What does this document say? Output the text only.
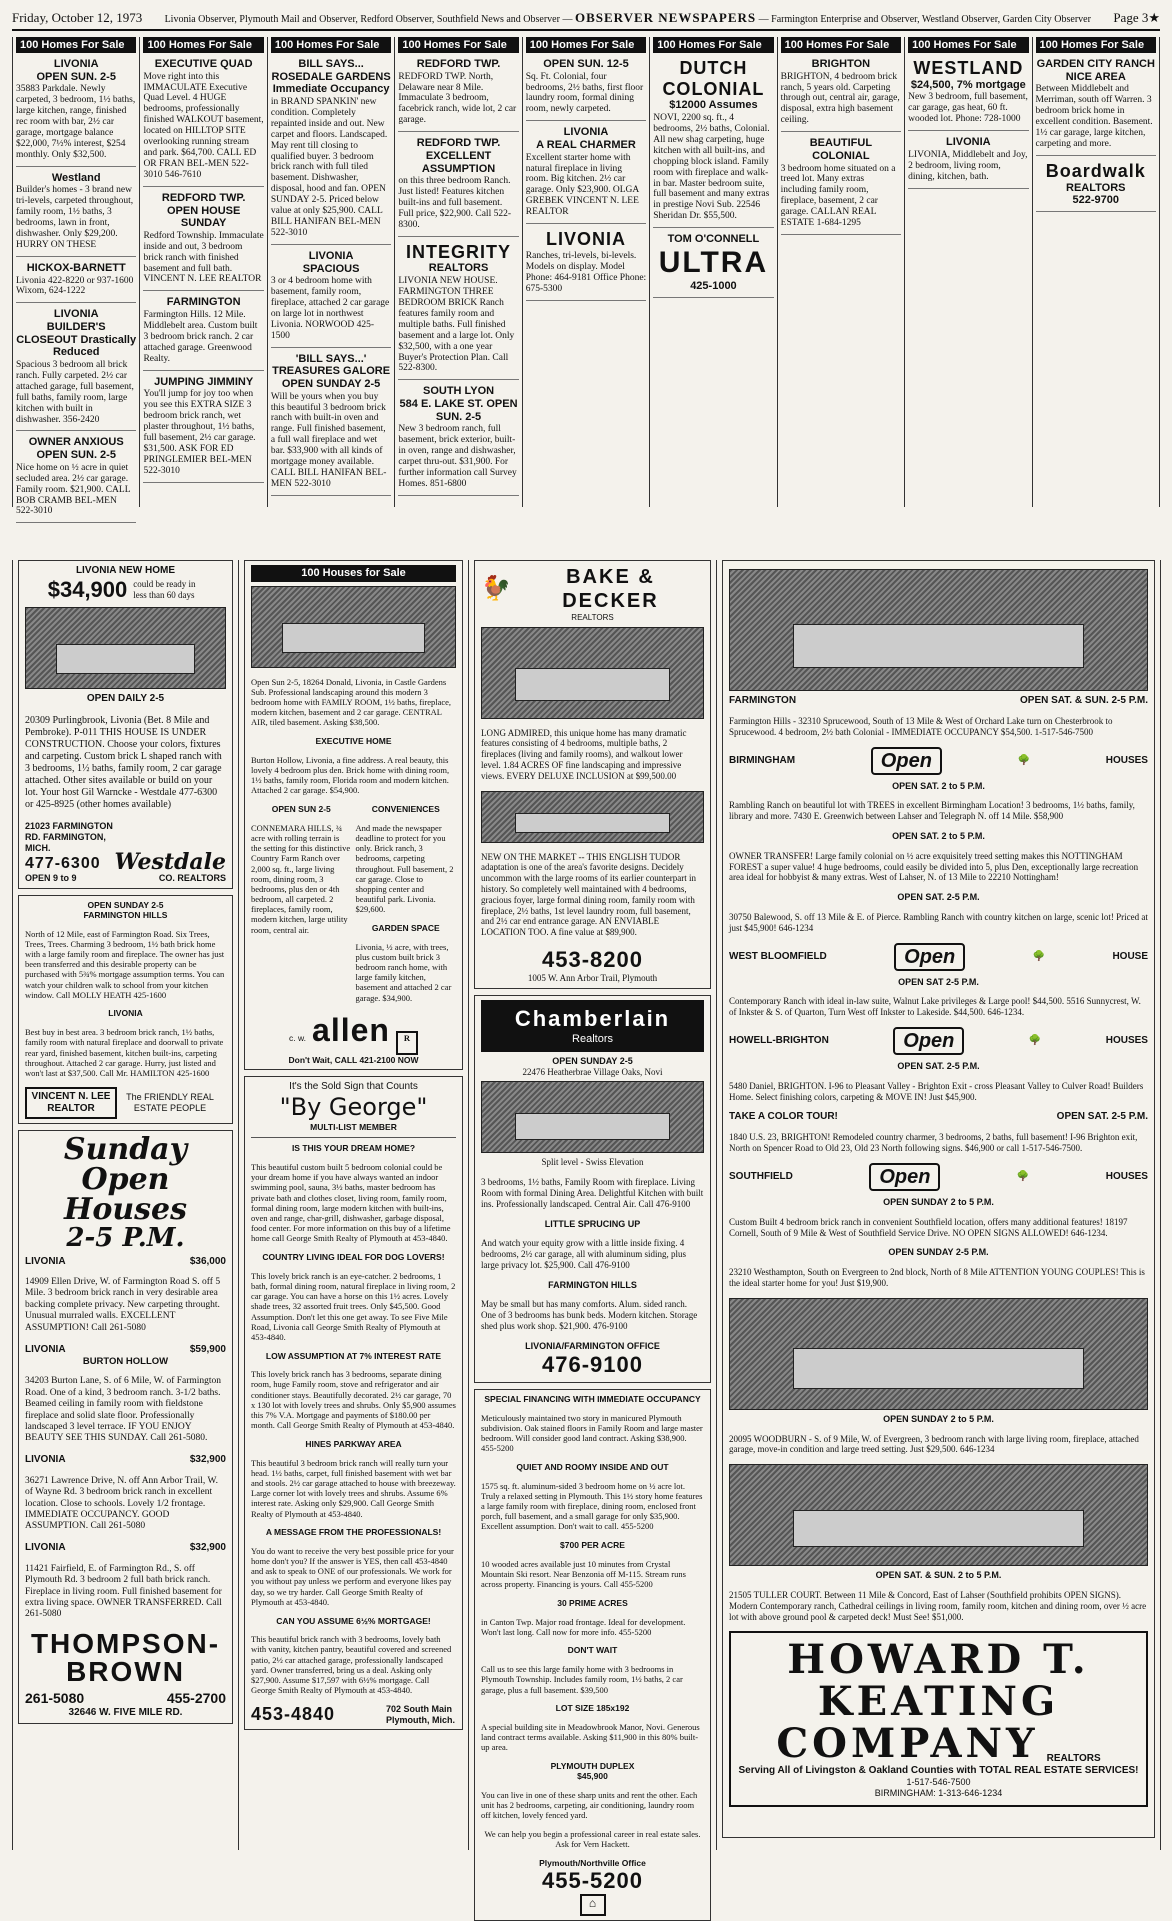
Friday, October 12, 1973 Livonia Observer, Plymouth Mail and Observer, Redford Observer, Southfield News and Observer — OBSERVER NEWSPAPERS — Farmington Enterprise and Observer, Westland Observer, Garden City Observer Page 3★
100 Homes For Sale
LIVONIA
OPEN SUN. 2-5

35883 Parkdale. Newly carpeted, 3 bedroom, 1½ baths, large kitchen, range, finished rec room with bar, 2½ car garage, mortgage balance $22,000, 7½% interest, $254 monthly. Only $32,500.

Westland

Builder's homes - 3 brand new tri-levels, carpeted throughout, family room, 1½ baths, 3 bedrooms, lawn in front, dishwasher. Only $29,200. HURRY ON THESE

HICKOX-BARNETT

Livonia 422-8220 or 937-1600 Wixom, 624-1222

LIVONIA
BUILDER'S CLOSEOUT Drastically Reduced

Spacious 3 bedroom all brick ranch. Fully carpeted. 2½ car attached garage, full basement, full baths, family room, large kitchen with built in dishwasher. 356-2420

OWNER ANXIOUS
OPEN SUN. 2-5

Nice home on ½ acre in quiet secluded area. 2½ car garage. Family room. $21,900. CALL BOB CRAMB BEL-MEN 522-3010

100 Homes For Sale
EXECUTIVE QUAD

Move right into this IMMACULATE Executive Quad Level. 4 HUGE bedrooms, professionally finished WALKOUT basement, located on HILLTOP SITE overlooking running stream and park. $64,700. CALL ED OR FRAN BEL-MEN 522-3010 546-7610

REDFORD TWP.
OPEN HOUSE SUNDAY

Redford Township. Immaculate inside and out, 3 bedroom brick ranch with finished basement and full bath. VINCENT N. LEE REALTOR

FARMINGTON

Farmington Hills. 12 Mile. Middlebelt area. Custom built 3 bedroom brick ranch. 2 car attached garage. Greenwood Realty.

JUMPING JIMMINY

You'll jump for joy too when you see this EXTRA SIZE 3 bedroom brick ranch, wet plaster throughout, 1½ baths, full basement, 2½ car garage. $31,500. ASK FOR ED PRINGLEMIER BEL-MEN 522-3010

100 Homes For Sale
BILL SAYS...
ROSEDALE GARDENS Immediate Occupancy

in BRAND SPANKIN' new condition. Completely repainted inside and out. New carpet and floors. Landscaped. May rent till closing to qualified buyer. 3 bedroom brick ranch with full tiled basement. Dishwasher, disposal, hood and fan. OPEN SUNDAY 2-5. Priced below value at only $25,900. CALL BILL HANIFAN BEL-MEN 522-3010

LIVONIA
SPACIOUS

3 or 4 bedroom home with basement, family room, fireplace, attached 2 car garage on large lot in northwest Livonia. NORWOOD 425-1500

'BILL SAYS...'
TREASURES GALORE OPEN SUNDAY 2-5

Will be yours when you buy this beautiful 3 bedroom brick ranch with built-in oven and range. Full finished basement, a full wall fireplace and wet bar. $33,900 with all kinds of mortgage money available. CALL BILL HANIFAN BEL-MEN 522-3010

100 Homes For Sale
REDFORD TWP.

REDFORD TWP. North, Delaware near 8 Mile. Immaculate 3 bedroom, facebrick ranch, wide lot, 2 car garage.

REDFORD TWP.
EXCELLENT ASSUMPTION

on this three bedroom Ranch. Just listed! Features kitchen built-ins and full basement. Full price, $22,900. Call 522-8300.

INTEGRITY
REALTORS

LIVONIA NEW HOUSE. FARMINGTON THREE BEDROOM BRICK Ranch features family room and multiple baths. Full finished basement and a large lot. Only $32,500, with a one year Buyer's Protection Plan. Call 522-8300.

SOUTH LYON
584 E. LAKE ST. OPEN SUN. 2-5

New 3 bedroom ranch, full basement, brick exterior, built-in oven, range and dishwasher, carpet thru-out. $31,900. For further information call Survey Homes. 851-6800

100 Homes For Sale
OPEN SUN. 12-5

Sq. Ft. Colonial, four bedrooms, 2½ baths, first floor laundry room, formal dining room, newly carpeted.

LIVONIA
A REAL CHARMER

Excellent starter home with natural fireplace in living room. Big kitchen. 2½ car garage. Only $23,900. OLGA GREBEK VINCENT N. LEE REALTOR

LIVONIA

Ranches, tri-levels, bi-levels. Models on display. Model Phone: 464-9181 Office Phone: 675-5300

100 Homes For Sale
DUTCH COLONIAL
$12000 Assumes

NOVI, 2200 sq. ft., 4 bedrooms, 2½ baths, Colonial. All new shag carpeting, huge kitchen with all built-ins, and chopping block island. Family room with fireplace and walk-in bar. Master bedroom suite, full basement and many extras in prestige Novi Sub. 22546 Sheridan Dr. $55,500.

TOM O'CONNELL
ULTRA
425-1000
100 Homes For Sale
BRIGHTON

BRIGHTON, 4 bedroom brick ranch, 5 years old. Carpeting through out, central air, garage, disposal, extra high basement ceiling.

BEAUTIFUL COLONIAL

3 bedroom home situated on a treed lot. Many extras including family room, fireplace, basement, 2 car garage. CALLAN REAL ESTATE 1-684-1295

100 Homes For Sale
WESTLAND
$24,500, 7% mortgage

New 3 bedroom, full basement, car garage, gas heat, 60 ft. wooded lot. Phone: 728-1000

LIVONIA

LIVONIA, Middlebelt and Joy, 2 bedroom, living room, dining, kitchen, bath.

100 Homes For Sale
GARDEN CITY RANCH
NICE AREA

Between Middlebelt and Merriman, south off Warren. 3 bedroom brick home in excellent condition. Basement. 1½ car garage, large kitchen, carpeting and more.

Boardwalk
REALTORS
522-9700
LIVONIA NEW HOME
$34,900 could be ready in less than 60 days
OPEN DAILY 2-5

20309 Purlingbrook, Livonia (Bet. 8 Mile and Pembroke). P-011 THIS HOUSE IS UNDER CONSTRUCTION. Choose your colors, fixtures and carpeting. Custom brick L shaped ranch with 3 bedrooms, 1½ baths, family room, 2 car garage attached. Other sites available or build on your lot. Your host Gil Warncke - Westdale 477-6300 or 425-8925 (other homes available)

21023 FARMINGTON RD. FARMINGTON, MICH.
477-6300
OPEN 9 to 9
Westdale
CO. REALTORS
OPEN SUNDAY 2-5
FARMINGTON HILLS

North of 12 Mile, east of Farmington Road. Six Trees, Trees, Trees. Charming 3 bedroom, 1½ bath brick home with a large family room and fireplace. The owner has just been transferred and this desirable property can be purchased with 5¾% mortgage assumption terms. You can watch your children walk to school from your kitchen window. Call MOLLY HEATH 425-1600

LIVONIA

Best buy in best area. 3 bedroom brick ranch, 1½ baths, family room with natural fireplace and doorwall to private rear yard, finished basement, kitchen built-ins, carpeting throughout. Attached 2 car garage. Hurry, just listed and won't last at $37,500. Call Mr. HAMILTON 425-1600

VINCENT N. LEE REALTOR
The FRIENDLY REAL ESTATE PEOPLE
Sunday
Open
Houses
2-5 P.M.
LIVONIA	$36,000

14909 Ellen Drive, W. of Farmington Road S. off 5 Mile. 3 bedroom brick ranch in very desirable area backing complete privacy. New carpeting throught. Unusual murraled walls. EXCELLENT ASSUMPTION! Call 261-5080

LIVONIA	$59,900
BURTON HOLLOW

34203 Burton Lane, S. of 6 Mile, W. of Farmington Road. One of a kind, 3 bedroom ranch. 3-1/2 baths. Beamed ceiling in family room with fieldstone fireplace and solid slate floor. Professionally landscaped 3 level terrace. IF YOU ENJOY BEAUTY SEE THIS SUNDAY. Call 261-5080.

LIVONIA	$32,900

36271 Lawrence Drive, N. off Ann Arbor Trail, W. of Wayne Rd. 3 bedroom brick ranch in excellent location. Close to schools. Lovely 1/2 frontage. IMMEDIATE OCCUPANCY. GOOD ASSUMPTION. Call 261-5080

LIVONIA	$32,900

11421 Fairfield, E. of Farmington Rd., S. off Plymouth Rd. 3 bedroom 2 full bath brick ranch. Fireplace in living room. Full finished basement for extra living space. OWNER TRANSFERRED. Call 261-5080

THOMPSON-
BROWN
261-5080	455-2700
32646 W. FIVE MILE RD.
100 Houses for Sale

Open Sun 2-5, 18264 Donald, Livonia, in Castle Gardens Sub. Professional landscaping around this modern 3 bedroom home with FAMILY ROOM, 1½ baths, fireplace, modern kitchen, basement and 2 car garage. CENTRAL AIR, tiled basement. Asking $38,500.

EXECUTIVE HOME

Burton Hollow, Livonia, a fine address. A real beauty, this lovely 4 bedroom plus den. Brick home with dining room, 1½ baths, family room, Florida room and modern kitchen. Attached 2 car garage. $54,900.

OPEN SUN 2-5

CONNEMARA HILLS, ¾ acre with rolling terrain is the setting for this distinctive Country Farm Ranch over 2,000 sq. ft., large living room, dining room, 3 bedrooms, plus den or 4th bedroom, all carpeted. 2 fireplaces, family room, modern kitchen, large utility room, central air.

CONVENIENCES

And made the newspaper deadline to protect for you only. Brick ranch, 3 bedrooms, carpeting throughout. Full basement, 2 car garage. Close to shopping center and beautiful park. Livonia. $29,600.

GARDEN SPACE

Livonia, ½ acre, with trees, plus custom built brick 3 bedroom ranch home, with large family kitchen, basement and attached 2 car garage. $34,900.

c. w. allen	R
Don't Wait, CALL 421-2100 NOW
It's the Sold Sign that Counts
"By George"
MULTI-LIST MEMBER
IS THIS YOUR DREAM HOME?

This beautiful custom built 5 bedroom colonial could be your dream home if you have always wanted an indoor swimming pool, sauna, 3½ baths, master bedroom has private bath and clothes closet, living room, family room, formal dining room, large modern kitchen with built-ins, oven and range, char-grill, dishwasher, garbage disposal, food center. For more information on this buy of a lifetime home call George Smith Realty of Plymouth at 453-4840.

COUNTRY LIVING IDEAL FOR DOG LOVERS!

This lovely brick ranch is an eye-catcher. 2 bedrooms, 1 bath, formal dining room, natural fireplace in living room, 2 car garage. You can have a horse on this 1½ acres. Lovely shade trees, 32 assorted fruit trees. Only $45,500. Good Assumption. Don't let this one get away. To see Five Mile Road, Livonia call George Smith Realty of Plymouth at 453-4840.

LOW ASSUMPTION AT 7% INTEREST RATE

This lovely brick ranch has 3 bedrooms, separate dining room, huge Family room, stove and refrigerator and air conditioner stays. Beautifully decorated. 2½ car garage, 70 x 130 lot with lovely trees and shrubs. Only $5,900 assumes this 7% V.A. Mortgage and payments of $180.00 per month. Call George Smith Realty of Plymouth at 453-4840.

HINES PARKWAY AREA

This beautiful 3 bedroom brick ranch will really turn your head. 1½ baths, carpet, full finished basement with wet bar and stools. 2½ car garage attached to house with breezeway. Large corner lot with lovely trees and shrubs. Assume 6% interest rate. Asking only $29,900. Call George Smith Realty of Plymouth at 453-4840.

A MESSAGE FROM THE PROFESSIONALS!

You do want to receive the very best possible price for your home don't you? If the answer is YES, then call 453-4840 and ask to speak to ONE of our professionals. We work for you without pay unless we perform and everyone likes pay day, so we try harder. Call George Smith Realty of Plymouth at 453-4840.

CAN YOU ASSUME 6½% MORTGAGE!

This beautiful brick ranch with 3 bedrooms, lovely bath with vanity, kitchen pantry, beautiful covered and screened patio, 2½ car attached garage, professionally landscaped yard. Owner transferred, bring us a deal. Asking only $27,900. Assume $17,597 with 6½% mortgage. Call George Smith Realty of Plymouth at 453-4840.

453-4840	702 South Main Plymouth, Mich.
🐓	BAKE & DECKER
REALTORS

LONG ADMIRED, this unique home has many dramatic features consisting of 4 bedrooms, multiple baths, 2 fireplaces (living and family rooms), and walkout lower level. 1.84 ACRES OF fine landscaping and impressive views. EVERY DELUXE INCLUSION at $99,500.00

NEW ON THE MARKET -- THIS ENGLISH TUDOR adaptation is one of the area's favorite designs. Decidely uncommon with the large rooms of its earlier counterpart in history. So completely well maintained with 4 bedrooms, gracious foyer, large formal dining room, family room with fireplace, 2½ baths, 1st level laundry room, full basement, and 2½ car end entrance garage. AN ENVIABLE LOCATION TOO. A fine value at $89,900.

453-8200
1005 W. Ann Arbor Trail, Plymouth
Chamberlain
Realtors
OPEN SUNDAY 2-5
22476 Heatherbrae Village Oaks, Novi
Split level - Swiss Elevation

3 bedrooms, 1½ baths, Family Room with fireplace. Living Room with formal Dining Area. Delightful Kitchen with built ins. Professionally landscaped. Central Air. Call 476-9100

LITTLE SPRUCING UP

And watch your equity grow with a little inside fixing. 4 bedrooms, 2½ car garage, all with aluminum siding, plus large privacy lot. $25,900. Call 476-9100

FARMINGTON HILLS

May be small but has many comforts. Alum. sided ranch. One of 3 bedrooms has bunk beds. Modern kitchen. Storage shed plus work shop. $21,900. 476-9100

LIVONIA/FARMINGTON OFFICE
476-9100
SPECIAL FINANCING WITH IMMEDIATE OCCUPANCY

Meticulously maintained two story in manicured Plymouth subdivision. Oak stained floors in Family Room and large master bedroom. Will consider good land contract. Asking $38,900. 455-5200

QUIET AND ROOMY INSIDE AND OUT

1575 sq. ft. aluminum-sided 3 bedroom home on ½ acre lot. Truly a relaxed setting in Plymouth. This 1½ story home features a large family room with fireplace, dining room, enclosed front porch, full basement, and a small garage for only $35,900. Excellent assumption. Don't wait to call. 455-5200

$700 PER ACRE

10 wooded acres available just 10 minutes from Crystal Mountain Ski resort. Near Benzonia off M-115. Stream runs across property. Financing is yours. Call 455-5200

30 PRIME ACRES

in Canton Twp. Major road frontage. Ideal for development. Won't last long. Call now for more info. 455-5200

DON'T WAIT

Call us to see this large family home with 3 bedrooms in Plymouth Township. Includes family room, 1½ baths, 2 car garage, plus a full basement. $39,500

LOT SIZE 185x192

A special building site in Meadowbrook Manor, Novi. Generous land contract terms available. Asking $11,900 in this 80% built-up area.

PLYMOUTH DUPLEX
$45,900

You can live in one of these sharp units and rent the other. Each unit has 2 bedrooms, carpeting, air conditioning, laundry room off kitchen, lovely fenced yard.

We can help you begin a professional career in real estate sales. Ask for Vern Hackett.

Plymouth/Northville Office
455-5200
⌂
FARMINGTON	OPEN SAT. & SUN. 2-5 P.M.

Farmington Hills - 32310 Sprucewood, South of 13 Mile & West of Orchard Lake turn on Chesterbrook to Sprucewood. 4 bedroom, 2½ bath Colonial - IMMEDIATE OCCUPANCY $54,500. 1-517-546-7500

BIRMINGHAM	Open	🌳	HOUSES
OPEN SAT. 2 to 5 P.M.

Rambling Ranch on beautiful lot with TREES in excellent Birmingham Location! 3 bedrooms, 1½ baths, family, library and more. 7430 E. Greenwich between Lahser and Telegraph N. off 14 Mile. $58,900

OPEN SAT. 2 to 5 P.M.

OWNER TRANSFER! Large family colonial on ½ acre exquisitely treed setting makes this NOTTINGHAM FOREST a super value! 4 huge bedrooms, could easily be divided into 5, plus Den, exceptionally large recreation area ideal for hobbyist & many extras. West of Lahser, N. of 13 Mile to 22210 Nottingham!

OPEN SAT. 2-5 P.M.

30750 Balewood, S. off 13 Mile & E. of Pierce. Rambling Ranch with country kitchen on large, scenic lot! Priced at just $45,900! 646-1234

WEST BLOOMFIELD	Open	🌳	HOUSE
OPEN SAT 2-5 P.M.

Contemporary Ranch with ideal in-law suite, Walnut Lake privileges & Large pool! $44,500. 5516 Sunnycrest, W. of Inkster & S. of Quarton, Turn West off Inkster to Lakeside. $44,500. 646-1234.

HOWELL-BRIGHTON	Open	🌳	HOUSES
OPEN SAT. 2-5 P.M.

5480 Daniel, BRIGHTON. I-96 to Pleasant Valley - Brighton Exit - cross Pleasant Valley to Culver Road! Builders Home. Select finishing colors, carpeting & MOVE IN! Just $45,900.

TAKE A COLOR TOUR!	OPEN SAT. 2-5 P.M.

1840 U.S. 23, BRIGHTON! Remodeled country charmer, 3 bedrooms, 2 baths, full basement! I-96 Brighton exit, North on Spencer Road to Old 23, Old 23 North following signs. $46,900 or call 1-517-546-7500.

SOUTHFIELD	Open	🌳	HOUSES
OPEN SUNDAY 2 to 5 P.M.

Custom Built 4 bedroom brick ranch in convenient Southfield location, offers many additional features! 18197 Cornell, South of 9 Mile & West of Southfield Service Drive. NO OPEN SIGNS ALLOWED! 646-1234.

OPEN SUNDAY 2-5 P.M.

23210 Westhampton, South on Evergreen to 2nd block, North of 8 Mile ATTENTION YOUNG COUPLES! This is the ideal starter home for you! Just $19,900.

OPEN SUNDAY 2 to 5 P.M.

20095 WOODBURN - S. of 9 Mile, W. of Evergreen, 3 bedroom ranch with large living room, fireplace, attached garage, move-in condition and large treed setting. Just $29,500. 646-1234

OPEN SAT. & SUN. 2 to 5 P.M.

21505 TULLER COURT. Between 11 Mile & Concord, East of Lahser (Southfield prohibits OPEN SIGNS). Modern Contemporary ranch, Cathedral ceilings in living room, family room, kitchen and dining room, over ½ acre lot with above ground pool & carpeted deck! Must See! $51,000.

HOWARD T.
KEATING
COMPANY REALTORS
Serving All of Livingston & Oakland Counties with TOTAL REAL ESTATE SERVICES!
1-517-546-7500
BIRMINGHAM: 1-313-646-1234
